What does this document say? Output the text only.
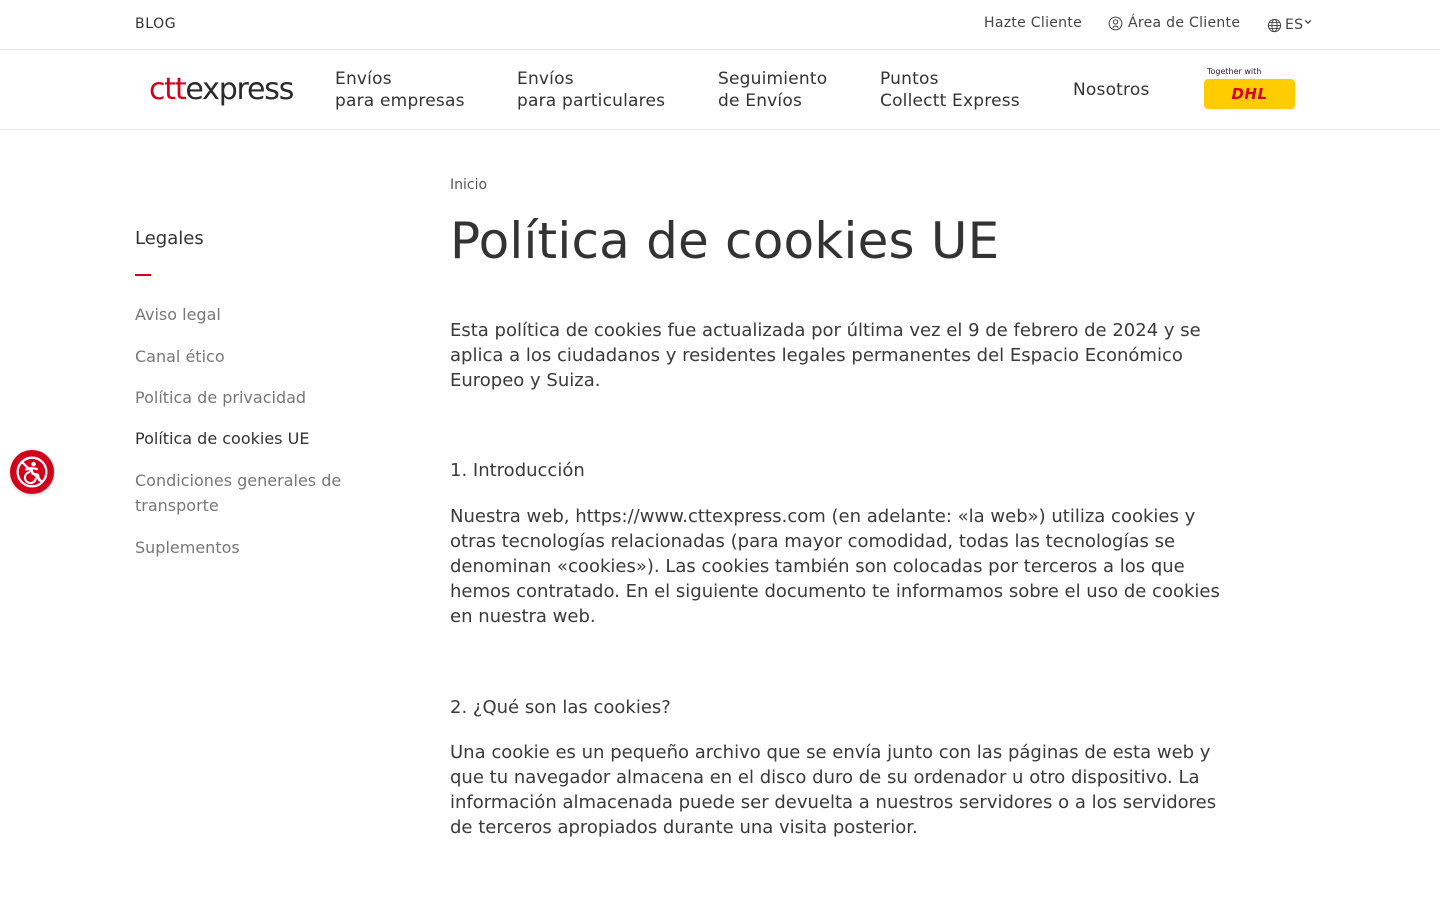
BLOG	Hazte Cliente	Área de Cliente	ES
cttexpress Envíos
para empresas
Envíos
para particulares
Seguimiento
de Envíos
Puntos
Collectt Express
Nosotros
Together with
DHL
Legales
Aviso legal
Canal ético
Política de privacidad
Política de cookies UE
Condiciones generales de transporte
Suplementos
Inicio
Política de cookies UE

Esta política de cookies fue actualizada por última vez el 9 de febrero de 2024 y se aplica a los ciudadanos y residentes legales permanentes del Espacio Económico Europeo y Suiza.

1. Introducción

Nuestra web, https://www.cttexpress.com (en adelante: «la web») utiliza cookies y otras tecnologías relacionadas (para mayor comodidad, todas las tecnologías se denominan «cookies»). Las cookies también son colocadas por terceros a los que hemos contratado. En el siguiente documento te informamos sobre el uso de cookies en nuestra web.

2. ¿Qué son las cookies?

Una cookie es un pequeño archivo que se envía junto con las páginas de esta web y que tu navegador almacena en el disco duro de su ordenador u otro dispositivo. La información almacenada puede ser devuelta a nuestros servidores o a los servidores de terceros apropiados durante una visita posterior.
